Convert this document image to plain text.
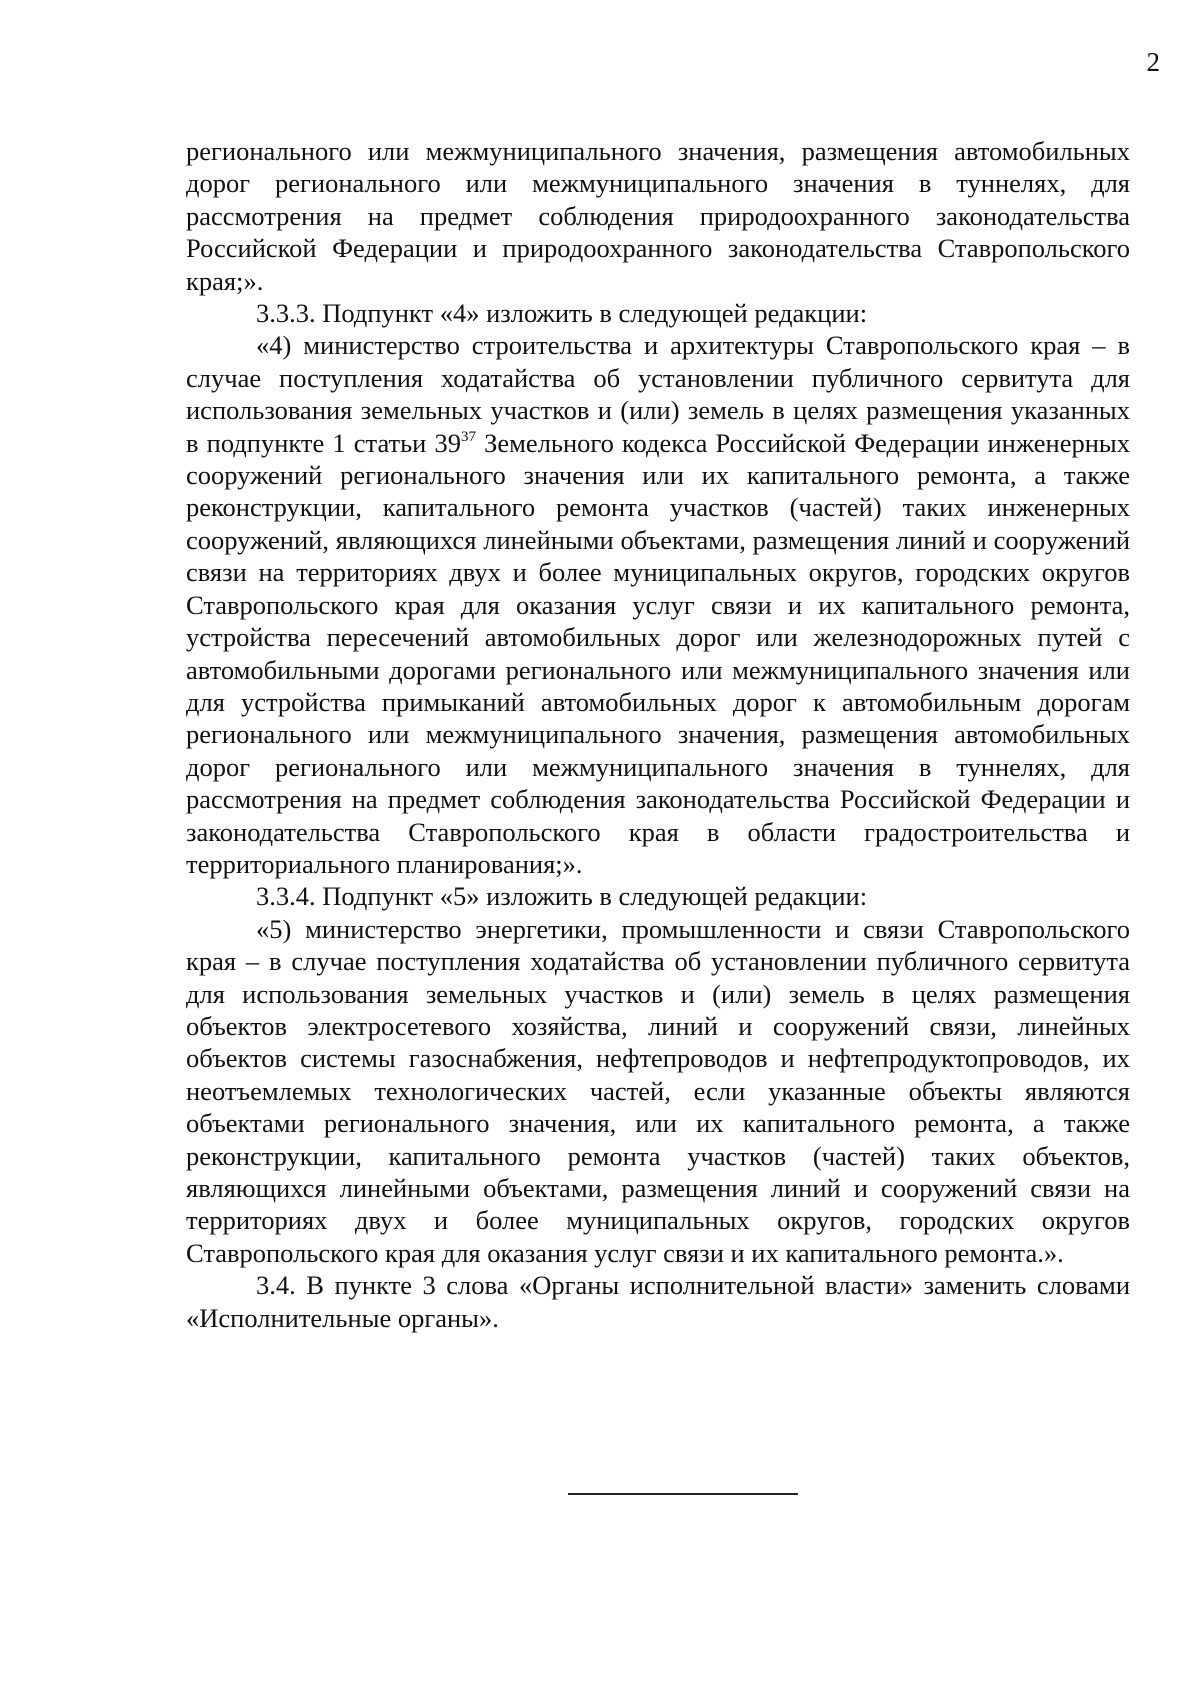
2

регионального или межмуниципального значения, размещения автомобильных дорог регионального или межмуниципального значения в туннелях, для рассмотрения на предмет соблюдения природоохранного законодательства Российской Федерации и природоохранного законодательства Ставропольского края;».

3.3.3. Подпункт «4» изложить в следующей редакции:

«4) министерство строительства и архитектуры Ставропольского края – в случае поступления ходатайства об установлении публичного сервитута для использования земельных участков и (или) земель в целях размещения указанных в подпункте 1 статьи $39^{37}$ Земельного кодекса Российской Федерации инженерных сооружений регионального значения или их капитального ремонта, а также реконструкции, капитального ремонта участков (частей) таких инженерных сооружений, являющихся линейными объектами, размещения линий и сооружений связи на территориях двух и более муниципальных округов, городских округов Ставропольского края для оказания услуг связи и их капитального ремонта, устройства пересечений автомобильных дорог или железнодорожных путей с автомобильными дорогами регионального или межмуниципального значения или для устройства примыканий автомобильных дорог к автомобильным дорогам регионального или межмуниципального значения, размещения автомобильных дорог регионального или межмуниципального значения в туннелях, для рассмотрения на предмет соблюдения законодательства Российской Федерации и законодательства Ставропольского края в области градостроительства и территориального планирования;».

3.3.4. Подпункт «5» изложить в следующей редакции:

«5) министерство энергетики, промышленности и связи Ставропольского края – в случае поступления ходатайства об установлении публичного сервитута для использования земельных участков и (или) земель в целях размещения объектов электросетевого хозяйства, линий и сооружений связи, линейных объектов системы газоснабжения, нефтепроводов и нефтепродуктопроводов, их неотъемлемых технологических частей, если указанные объекты являются объектами регионального значения, или их капитального ремонта, а также реконструкции, капитального ремонта участков (частей) таких объектов, являющихся линейными объектами, размещения линий и сооружений связи на территориях двух и более муниципальных округов, городских округов Ставропольского края для оказания услуг связи и их капитального ремонта.».

3.4. В пункте 3 слова «Органы исполнительной власти» заменить словами «Исполнительные органы».
